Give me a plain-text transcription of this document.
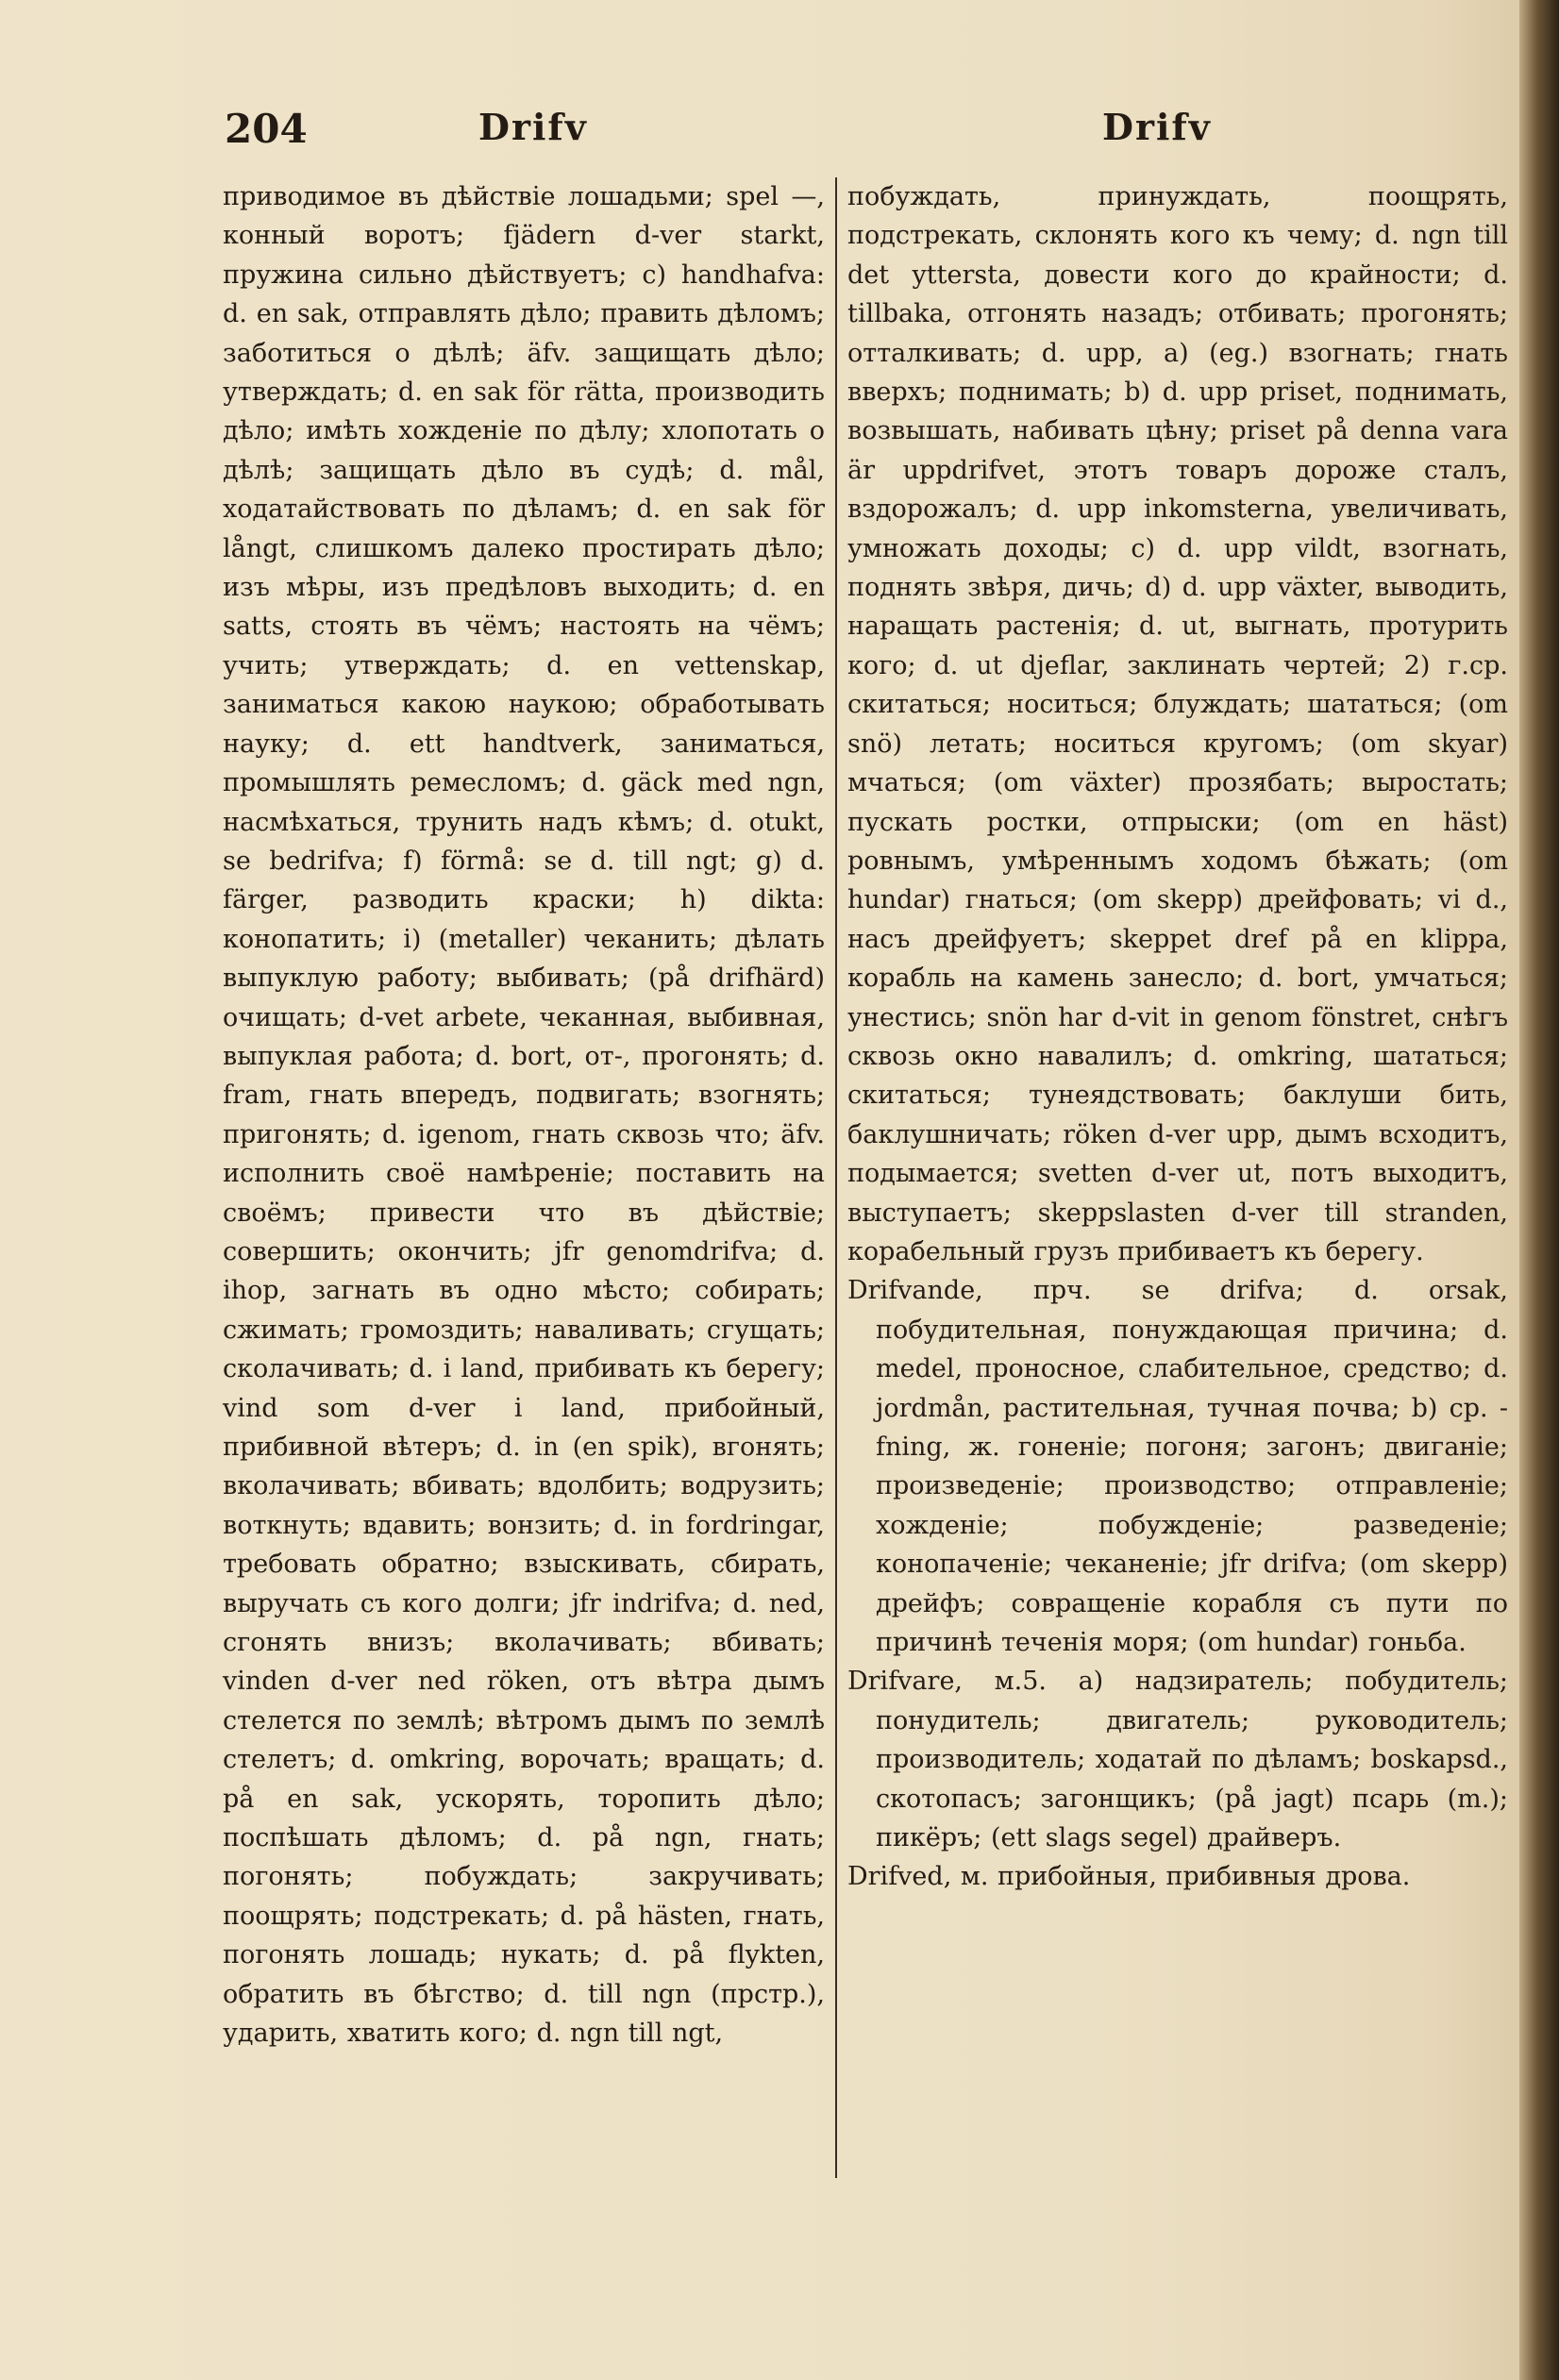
204	Drifv	Drifv

приводимое въ дѣйствіе лошадьми; spel —, конный воротъ; fjädern d-ver starkt, пружина сильно дѣйствуетъ; c) handhafva: d. en sak, отправлять дѣло; править дѣломъ; заботиться о дѣлѣ; äfv. защищать дѣло; утверждать; d. en sak för rätta, производить дѣло; имѣть хожденіе по дѣлу; хлопотать о дѣлѣ; защищать дѣло въ судѣ; d. mål, ходатайствовать по дѣламъ; d. en sak för långt, слишкомъ далеко простирать дѣло; изъ мѣры, изъ предѣловъ выходить; d. en satts, стоять въ чёмъ; настоять на чёмъ; учить; утверждать; d. en vettenskap, заниматься какою наукою; обработывать науку; d. ett handtverk, заниматься, промышлять ремесломъ; d. gäck med ngn, насмѣхаться, трунить надъ кѣмъ; d. otukt, se bedrifva; f) förmå: se d. till ngt; g) d. färger, разводить краски; h) dikta: конопатить; i) (metaller) чеканить; дѣлать выпуклую работу; выбивать; (på drifhärd) очищать; d-vet arbete, чеканная, выбивная, выпуклая работа; d. bort, от-, прогонять; d. fram, гнать впередъ, подвигать; взогнять; пригонять; d. igenom, гнать сквозь что; äfv. исполнить своё намѣреніе; поставить на своёмъ; привести что въ дѣйствіе; совершить; окончить; jfr genomdrifva; d. ihop, загнать въ одно мѣсто; собирать; сжимать; громоздить; наваливать; сгущать; сколачивать; d. i land, прибивать къ берегу; vind som d-ver i land, прибойный, прибивной вѣтеръ; d. in (en spik), вгонять; вколачивать; вбивать; вдолбить; водрузить; воткнуть; вдавить; вонзить; d. in fordringar, требовать обратно; взыскивать, сбирать, выручать съ кого долги; jfr indrifva; d. ned, сгонять внизъ; вколачивать; вбивать; vinden d-ver ned röken, отъ вѣтра дымъ стелется по землѣ; вѣтромъ дымъ по землѣ стелетъ; d. omkring, ворочать; вращать; d. på en sak, ускорять, торопить дѣло; поспѣшать дѣломъ; d. på ngn, гнать; погонять; побуждать; закручивать; поощрять; подстрекать; d. på hästen, гнать, погонять лошадь; нукать; d. på flykten, обратить въ бѣгство; d. till ngn (прстр.), ударить, хватить кого; d. ngn till ngt,

побуждать, принуждать, поощрять, подстрекать, склонять кого къ чему; d. ngn till det yttersta, довести кого до крайности; d. tillbaka, отгонять назадъ; отбивать; прогонять; отталкивать; d. upp, a) (eg.) взогнать; гнать вверхъ; поднимать; b) d. upp priset, поднимать, возвышать, набивать цѣну; priset på denna vara är uppdrifvet, этотъ товаръ дороже сталъ, вздорожалъ; d. upp inkomsterna, увеличивать, умножать доходы; c) d. upp vildt, взогнать, поднять звѣря, дичь; d) d. upp växter, выводить, наращать растенія; d. ut, выгнать, протурить кого; d. ut djeflar, заклинать чертей; 2) г.ср. скитаться; носиться; блуждать; шататься; (om snö) летать; носиться кругомъ; (om skyar) мчаться; (om växter) прозябать; выростать; пускать ростки, отпрыски; (om en häst) ровнымъ, умѣреннымъ ходомъ бѣжать; (om hundar) гнаться; (om skepp) дрейфовать; vi d., насъ дрейфуетъ; skeppet dref på en klippa, корабль на камень занесло; d. bort, умчаться; унестись; snön har d-vit in genom fönstret, снѣгъ сквозь окно навалилъ; d. omkring, шататься; скитаться; тунеядствовать; баклуши бить, баклушничать; röken d-ver upp, дымъ всходитъ, подымается; svetten d-ver ut, потъ выходитъ, выступаетъ; skeppslasten d-ver till stranden, корабельный грузъ прибиваетъ къ берегу.

Drifvande, прч. se drifva; d. orsak, побудительная, понуждающая причина; d. medel, проносное, слабительное, средство; d. jordmån, растительная, тучная почва; b) ср. -fning, ж. гоненіе; погоня; загонъ; двиганіе; произведеніе; производство; отправленіе; хожденіе; побужденіе; разведеніе; конопаченіе; чеканеніе; jfr drifva; (om skepp) дрейфъ; совращеніе корабля съ пути по причинѣ теченія моря; (om hundar) гоньба.

Drifvare, м.5. a) надзиратель; побудитель; понудитель; двигатель; руководитель; производитель; ходатай по дѣламъ; boskapsd., скотопасъ; загонщикъ; (på jagt) псарь (m.); пикёръ; (ett slags segel) драйверъ.

Drifved, м. прибойныя, прибивныя дрова.
